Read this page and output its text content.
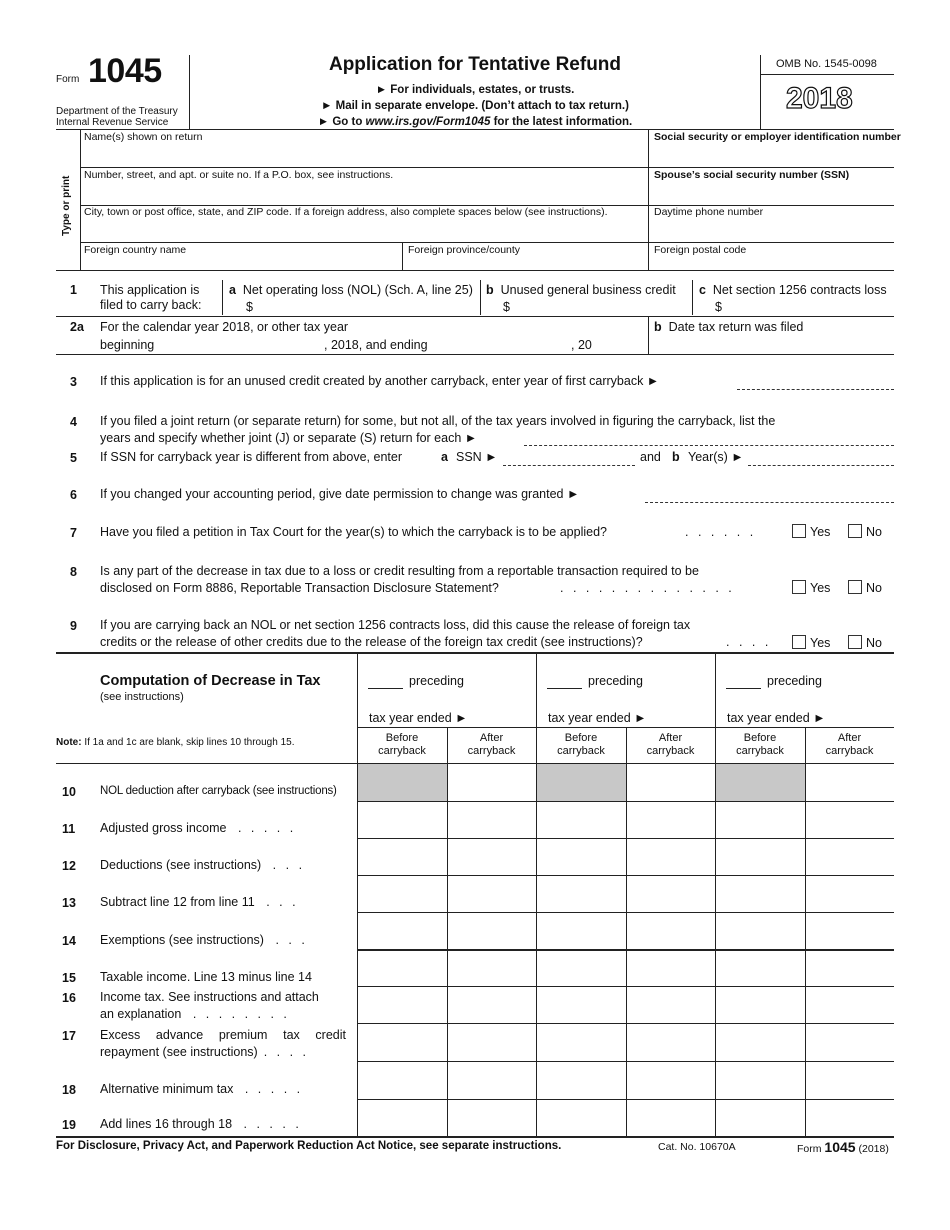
Form 1045
Department of the Treasury
Internal Revenue Service
Application for Tentative Refund
► For individuals, estates, or trusts.
► Mail in separate envelope. (Don’t attach to tax return.)
► Go to www.irs.gov/Form1045 for the latest information.
OMB No. 1545-0098
2018
Type or print
Name(s) shown on return	Social security or employer identification number
Number, street, and apt. or suite no. If a P.O. box, see instructions.	Spouse’s social security number (SSN)
City, town or post office, state, and ZIP code. If a foreign address, also complete spaces below (see instructions).	Daytime phone number
Foreign country name	Foreign province/county	Foreign postal code
1 This application is
filed to carry back:
a Net operating loss (NOL) (Sch. A, line 25)
$
b Unused general business credit
$
c Net section 1256 contracts loss
$
2a For the calendar year 2018, or other tax year
beginning	, 2018, and ending	, 20
b Date tax return was filed
3 If this application is for an unused credit created by another carryback, enter year of first carryback ►
4 If you filed a joint return (or separate return) for some, but not all, of the tax years involved in figuring the carryback, list the
years and specify whether joint (J) or separate (S) return for each ►
5 If SSN for carryback year is different from above, enter	a SSN ►	and b Year(s) ►
6 If you changed your accounting period, give date permission to change was granted ►
7 Have you filed a petition in Tax Court for the year(s) to which the carryback is to be applied?	. . . . . .	Yes	No
8 Is any part of the decrease in tax due to a loss or credit resulting from a reportable transaction required to be
disclosed on Form 8886, Reportable Transaction Disclosure Statement?	. . . . . . . . . . . . . .	Yes	No
9 If you are carrying back an NOL or net section 1256 contracts loss, did this cause the release of foreign tax
credits or the release of other credits due to the release of the foreign tax credit (see instructions)?	. . . .	Yes	No
Computation of Decrease in Tax
(see instructions)
Note: If 1a and 1c are blank, skip lines 10 through 15.
preceding
tax year ended ►
preceding
tax year ended ►
preceding
tax year ended ►
Before
carryback
After
carryback
Before
carryback
After
carryback
Before
carryback
After
carryback
10 NOL deduction after carryback (see instructions)
11 Adjusted gross income . . . . .
12 Deductions (see instructions) . . .
13 Subtract line 12 from line 11 . . .
14 Exemptions (see instructions) . . .
15 Taxable income. Line 13 minus line 14
16 Income tax. See instructions and attach
an explanation . . . . . . . .
17 Excess advance premium tax credit
repayment (see instructions) . . . .
18 Alternative minimum tax . . . . .
19 Add lines 16 through 18 . . . . .
For Disclosure, Privacy Act, and Paperwork Reduction Act Notice, see separate instructions.	Cat. No. 10670A	Form 1045 (2018)
